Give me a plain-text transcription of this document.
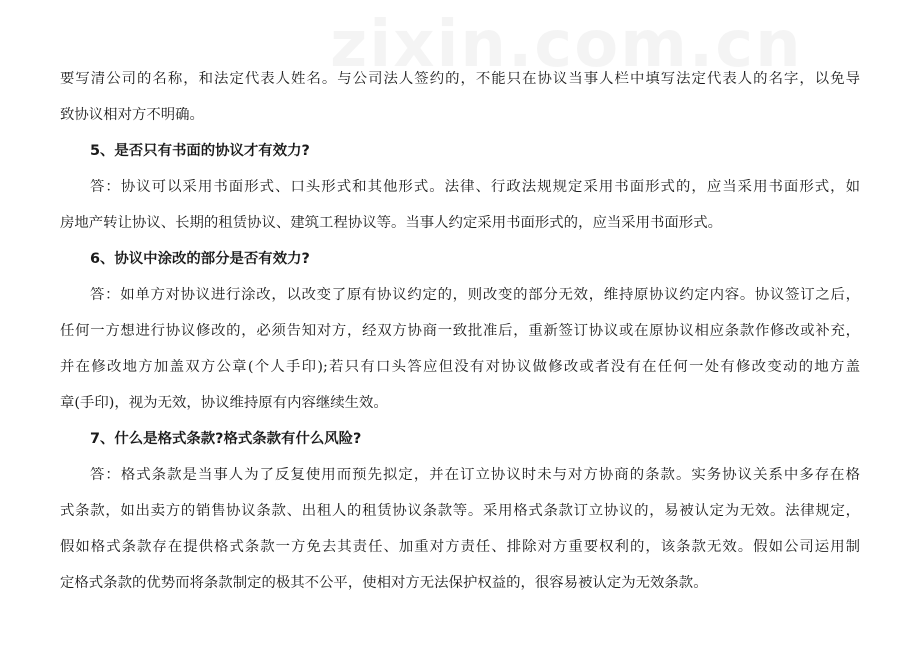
要写清公司的名称，和法定代表人姓名。与公司法人签约的，不能只在协议当事人栏中填写法定代表人的名字，以免导
致协议相对方不明确。
5、是否只有书面的协议才有效力?
答：协议可以采用书面形式、口头形式和其他形式。法律、行政法规规定采用书面形式的，应当采用书面形式，如
房地产转让协议、长期的租赁协议、建筑工程协议等。当事人约定采用书面形式的，应当采用书面形式。
6、协议中涂改的部分是否有效力?
答：如单方对协议进行涂改，以改变了原有协议约定的，则改变的部分无效，维持原协议约定内容。协议签订之后，
任何一方想进行协议修改的，必须告知对方，经双方协商一致批准后，重新签订协议或在原协议相应条款作修改或补充，
并在修改地方加盖双方公章(个人手印);若只有口头答应但没有对协议做修改或者没有在任何一处有修改变动的地方盖
章(手印)，视为无效，协议维持原有内容继续生效。
7、什么是格式条款?格式条款有什么风险?
答：格式条款是当事人为了反复使用而预先拟定，并在订立协议时未与对方协商的条款。实务协议关系中多存在格
式条款，如出卖方的销售协议条款、出租人的租赁协议条款等。采用格式条款订立协议的，易被认定为无效。法律规定，
假如格式条款存在提供格式条款一方免去其责任、加重对方责任、排除对方重要权利的，该条款无效。假如公司运用制
定格式条款的优势而将条款制定的极其不公平，使相对方无法保护权益的，很容易被认定为无效条款。
